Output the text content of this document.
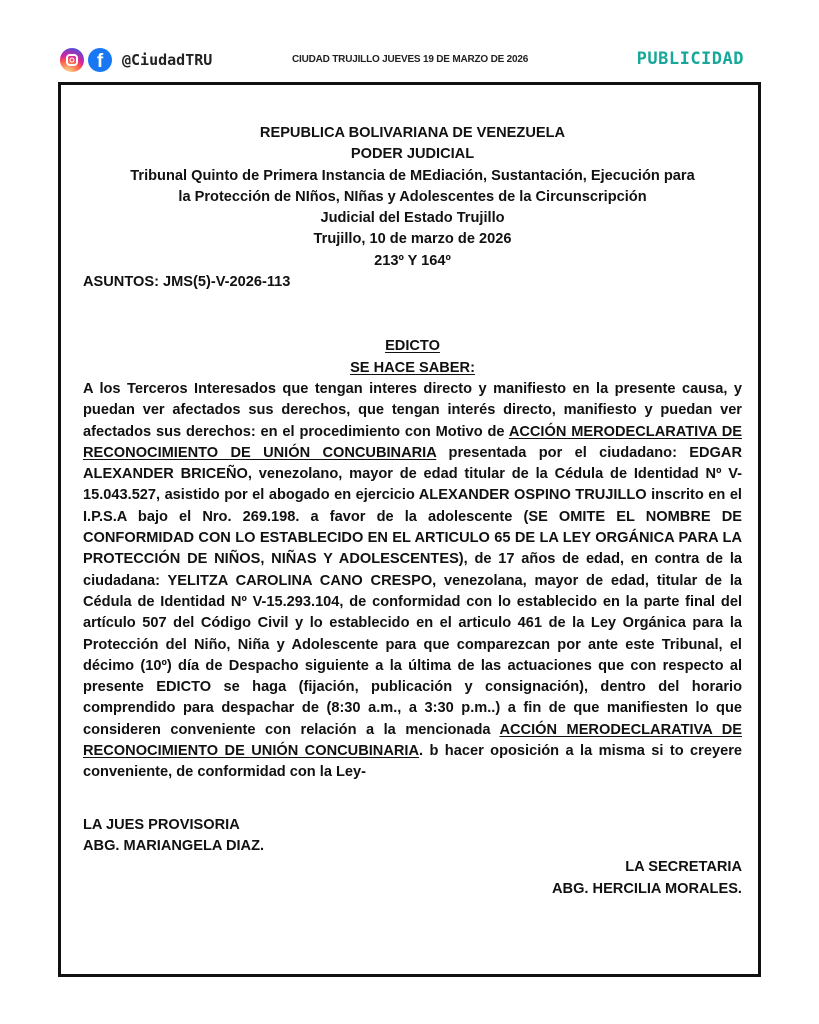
f	@CiudadTRU	CIUDAD TRUJILLO JUEVES 19 DE MARZO DE 2026	PUBLICIDAD
REPUBLICA BOLIVARIANA DE VENEZUELA
PODER JUDICIAL
Tribunal Quinto de Primera Instancia de MEdiación, Sustantación, Ejecución para
la Protección de NIños, NIñas y Adolescentes de la Circunscripción
Judicial del Estado Trujillo
Trujillo, 10 de marzo de 2026
213º Y 164º
ASUNTOS: JMS(5)-V-2026-113
EDICTO
SE HACE SABER:
A los Terceros Interesados que tengan interes directo y manifiesto en la presente causa, y puedan ver afectados sus derechos, que tengan interés directo, manifiesto y puedan ver afectados sus derechos: en el procedimiento con Motivo de ACCIÓN MERODECLARATIVA DE RECONOCIMIENTO DE UNIÓN CONCUBINARIA presentada por el ciudadano: EDGAR ALEXANDER BRICEÑO, venezolano, mayor de edad titular de la Cédula de Identidad Nº V- 15.043.527, asistido por el abogado en ejercicio ALEXANDER OSPINO TRUJILLO inscrito en el I.P.S.A bajo el Nro. 269.198. a favor de la adolescente (SE OMITE EL NOMBRE DE CONFORMIDAD CON LO ESTABLECIDO EN EL ARTICULO 65 DE LA LEY ORGÁNICA PARA LA PROTECCIÓN DE NIÑOS, NIÑAS Y ADOLESCENTES), de 17 años de edad, en contra de la ciudadana: YELITZA CAROLINA CANO CRESPO, venezolana, mayor de edad, titular de la Cédula de Identidad Nº V-15.293.104, de conformidad con lo establecido en la parte final del artículo 507 del Código Civil y lo establecido en el articulo 461 de la Ley Orgánica para la Protección del Niño, Niña y Adolescente para que comparezcan por ante este Tribunal, el décimo (10º) día de Despacho siguiente a la última de las actuaciones que con respecto al presente EDICTO se haga (fijación, publicación y consignación), dentro del horario comprendido para despachar de (8:30 a.m., a 3:30 p.m..) a fin de que manifiesten lo que consideren conveniente con relación a la mencionada ACCIÓN MERODECLARATIVA DE RECONOCIMIENTO DE UNIÓN CONCUBINARIA. b hacer oposición a la misma si to creyere conveniente, de conformidad con la Ley-
LA JUES PROVISORIA
ABG. MARIANGELA DIAZ.
LA SECRETARIA
ABG. HERCILIA MORALES.
